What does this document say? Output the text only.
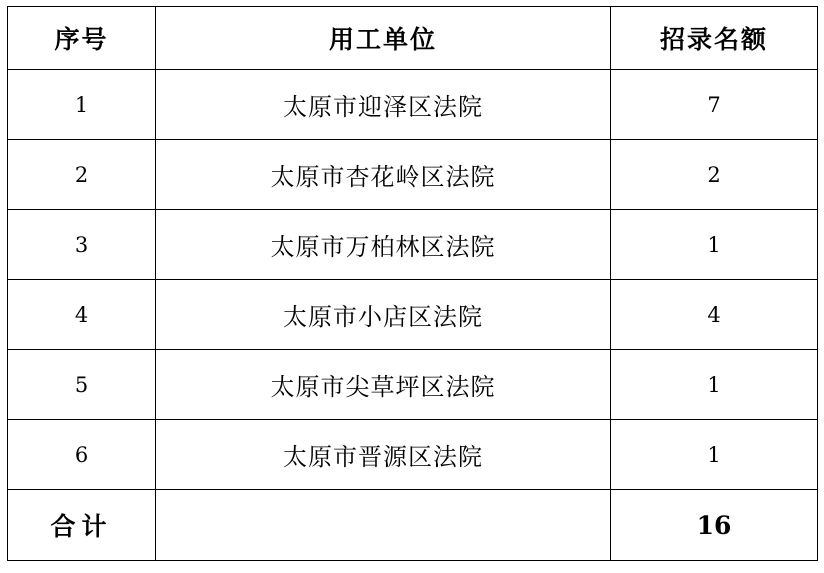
序号	用工单位	招录名额
1	太原市迎泽区法院	7
2	太原市杏花岭区法院	2
3	太原市万柏林区法院	1
4	太原市小店区法院	4
5	太原市尖草坪区法院	1
6	太原市晋源区法院	1
合计		16
